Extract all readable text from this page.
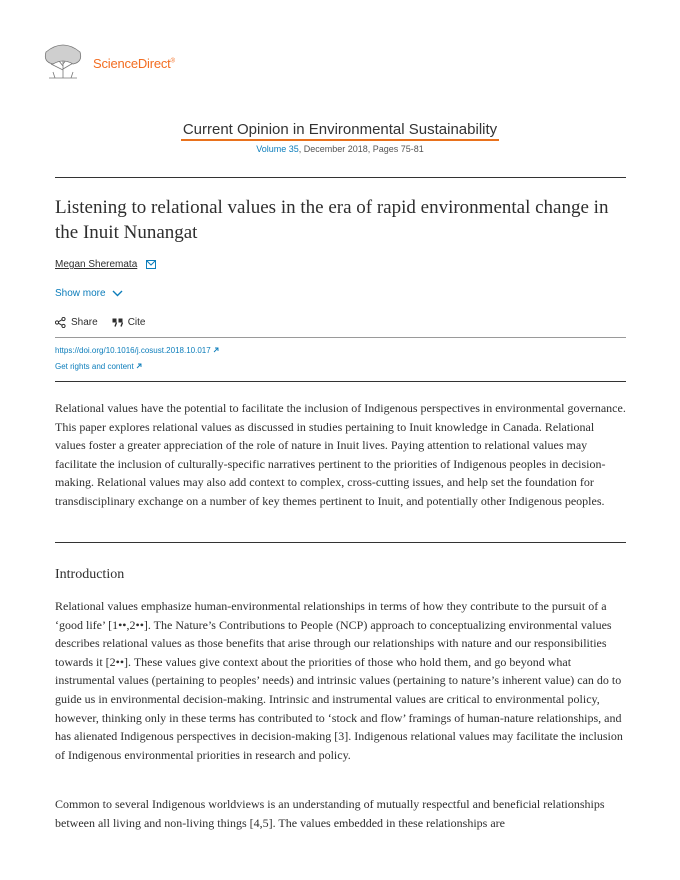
ScienceDirect®
Current Opinion in Environmental Sustainability
Volume 35, December 2018, Pages 75-81
Listening to relational values in the era of rapid environmental change in the Inuit Nunangat
Megan Sheremata
Show more
Share	Cite
https://doi.org/10.1016/j.cosust.2018.10.017
Get rights and content
Relational values have the potential to facilitate the inclusion of Indigenous perspectives in environmental governance. This paper explores relational values as discussed in studies pertaining to Inuit knowledge in Canada. Relational values foster a greater appreciation of the role of nature in Inuit lives. Paying attention to relational values may facilitate the inclusion of culturally-specific narratives pertinent to the priorities of Indigenous peoples in decision-making. Relational values may also add context to complex, cross-cutting issues, and help set the foundation for transdisciplinary exchange on a number of key themes pertinent to Inuit, and potentially other Indigenous peoples.
Introduction
Relational values emphasize human-environmental relationships in terms of how they contribute to the pursuit of a ‘good life’ [1••,2••]. The Nature’s Contributions to People (NCP) approach to conceptualizing environmental values describes relational values as those benefits that arise through our relationships with nature and our responsibilities towards it [2••]. These values give context about the priorities of those who hold them, and go beyond what instrumental values (pertaining to peoples’ needs) and intrinsic values (pertaining to nature’s inherent value) can do to guide us in environmental decision-making. Intrinsic and instrumental values are critical to environmental policy, however, thinking only in these terms has contributed to ‘stock and flow’ framings of human-nature relationships, and has alienated Indigenous perspectives in decision-making [3]. Indigenous relational values may facilitate the inclusion of Indigenous environmental priorities in research and policy.
Common to several Indigenous worldviews is an understanding of mutually respectful and beneficial relationships between all living and non-living things [4,5]. The values embedded in these relationships are
